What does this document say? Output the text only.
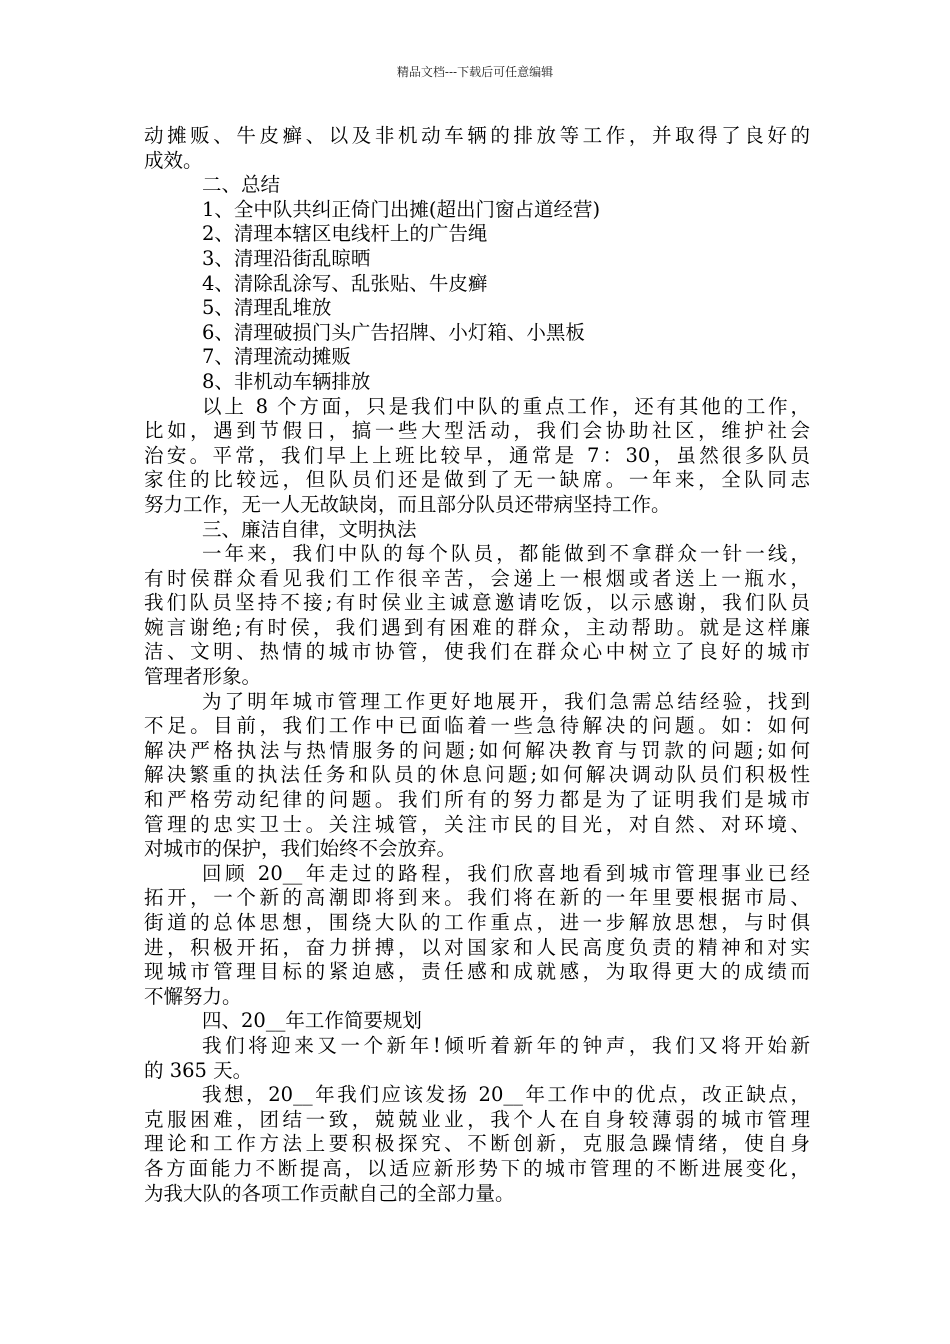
精品文档---下载后可任意编辑
动摊贩、牛皮癣、以及非机动车辆的排放等工作，并取得了良好的
成效。
二、总结
1、全中队共纠正倚门出摊(超出门窗占道经营)
2、清理本辖区电线杆上的广告绳
3、清理沿街乱晾晒
4、清除乱涂写、乱张贴、牛皮癣
5、清理乱堆放
6、清理破损门头广告招牌、小灯箱、小黑板
7、清理流动摊贩
8、非机动车辆排放
以上 8 个方面，只是我们中队的重点工作，还有其他的工作，
比如，遇到节假日，搞一些大型活动，我们会协助社区，维护社会
治安。平常，我们早上上班比较早，通常是 7：30，虽然很多队员
家住的比较远，但队员们还是做到了无一缺席。一年来，全队同志
努力工作，无一人无故缺岗，而且部分队员还带病坚持工作。
三、廉洁自律，文明执法
一年来，我们中队的每个队员，都能做到不拿群众一针一线，
有时侯群众看见我们工作很辛苦，会递上一根烟或者送上一瓶水，
我们队员坚持不接;有时侯业主诚意邀请吃饭，以示感谢，我们队员
婉言谢绝;有时侯，我们遇到有困难的群众，主动帮助。就是这样廉
洁、文明、热情的城市协管，使我们在群众心中树立了良好的城市
管理者形象。
为了明年城市管理工作更好地展开，我们急需总结经验，找到
不足。目前，我们工作中已面临着一些急待解决的问题。如：如何
解决严格执法与热情服务的问题;如何解决教育与罚款的问题;如何
解决繁重的执法任务和队员的休息问题;如何解决调动队员们积极性
和严格劳动纪律的问题。我们所有的努力都是为了证明我们是城市
管理的忠实卫士。关注城管，关注市民的目光，对自然、对环境、
对城市的保护，我们始终不会放弃。
回顾 20__年走过的路程，我们欣喜地看到城市管理事业已经
拓开，一个新的高潮即将到来。我们将在新的一年里要根据市局、
街道的总体思想，围绕大队的工作重点，进一步解放思想，与时俱
进，积极开拓，奋力拼搏，以对国家和人民高度负责的精神和对实
现城市管理目标的紧迫感，责任感和成就感，为取得更大的成绩而
不懈努力。
四、20__年工作简要规划
我们将迎来又一个新年!倾听着新年的钟声，我们又将开始新
的 365 天。
我想，20__年我们应该发扬 20__年工作中的优点，改正缺点，
克服困难，团结一致，兢兢业业，我个人在自身较薄弱的城市管理
理论和工作方法上要积极探究、不断创新，克服急躁情绪，使自身
各方面能力不断提高，以适应新形势下的城市管理的不断进展变化，
为我大队的各项工作贡献自己的全部力量。
